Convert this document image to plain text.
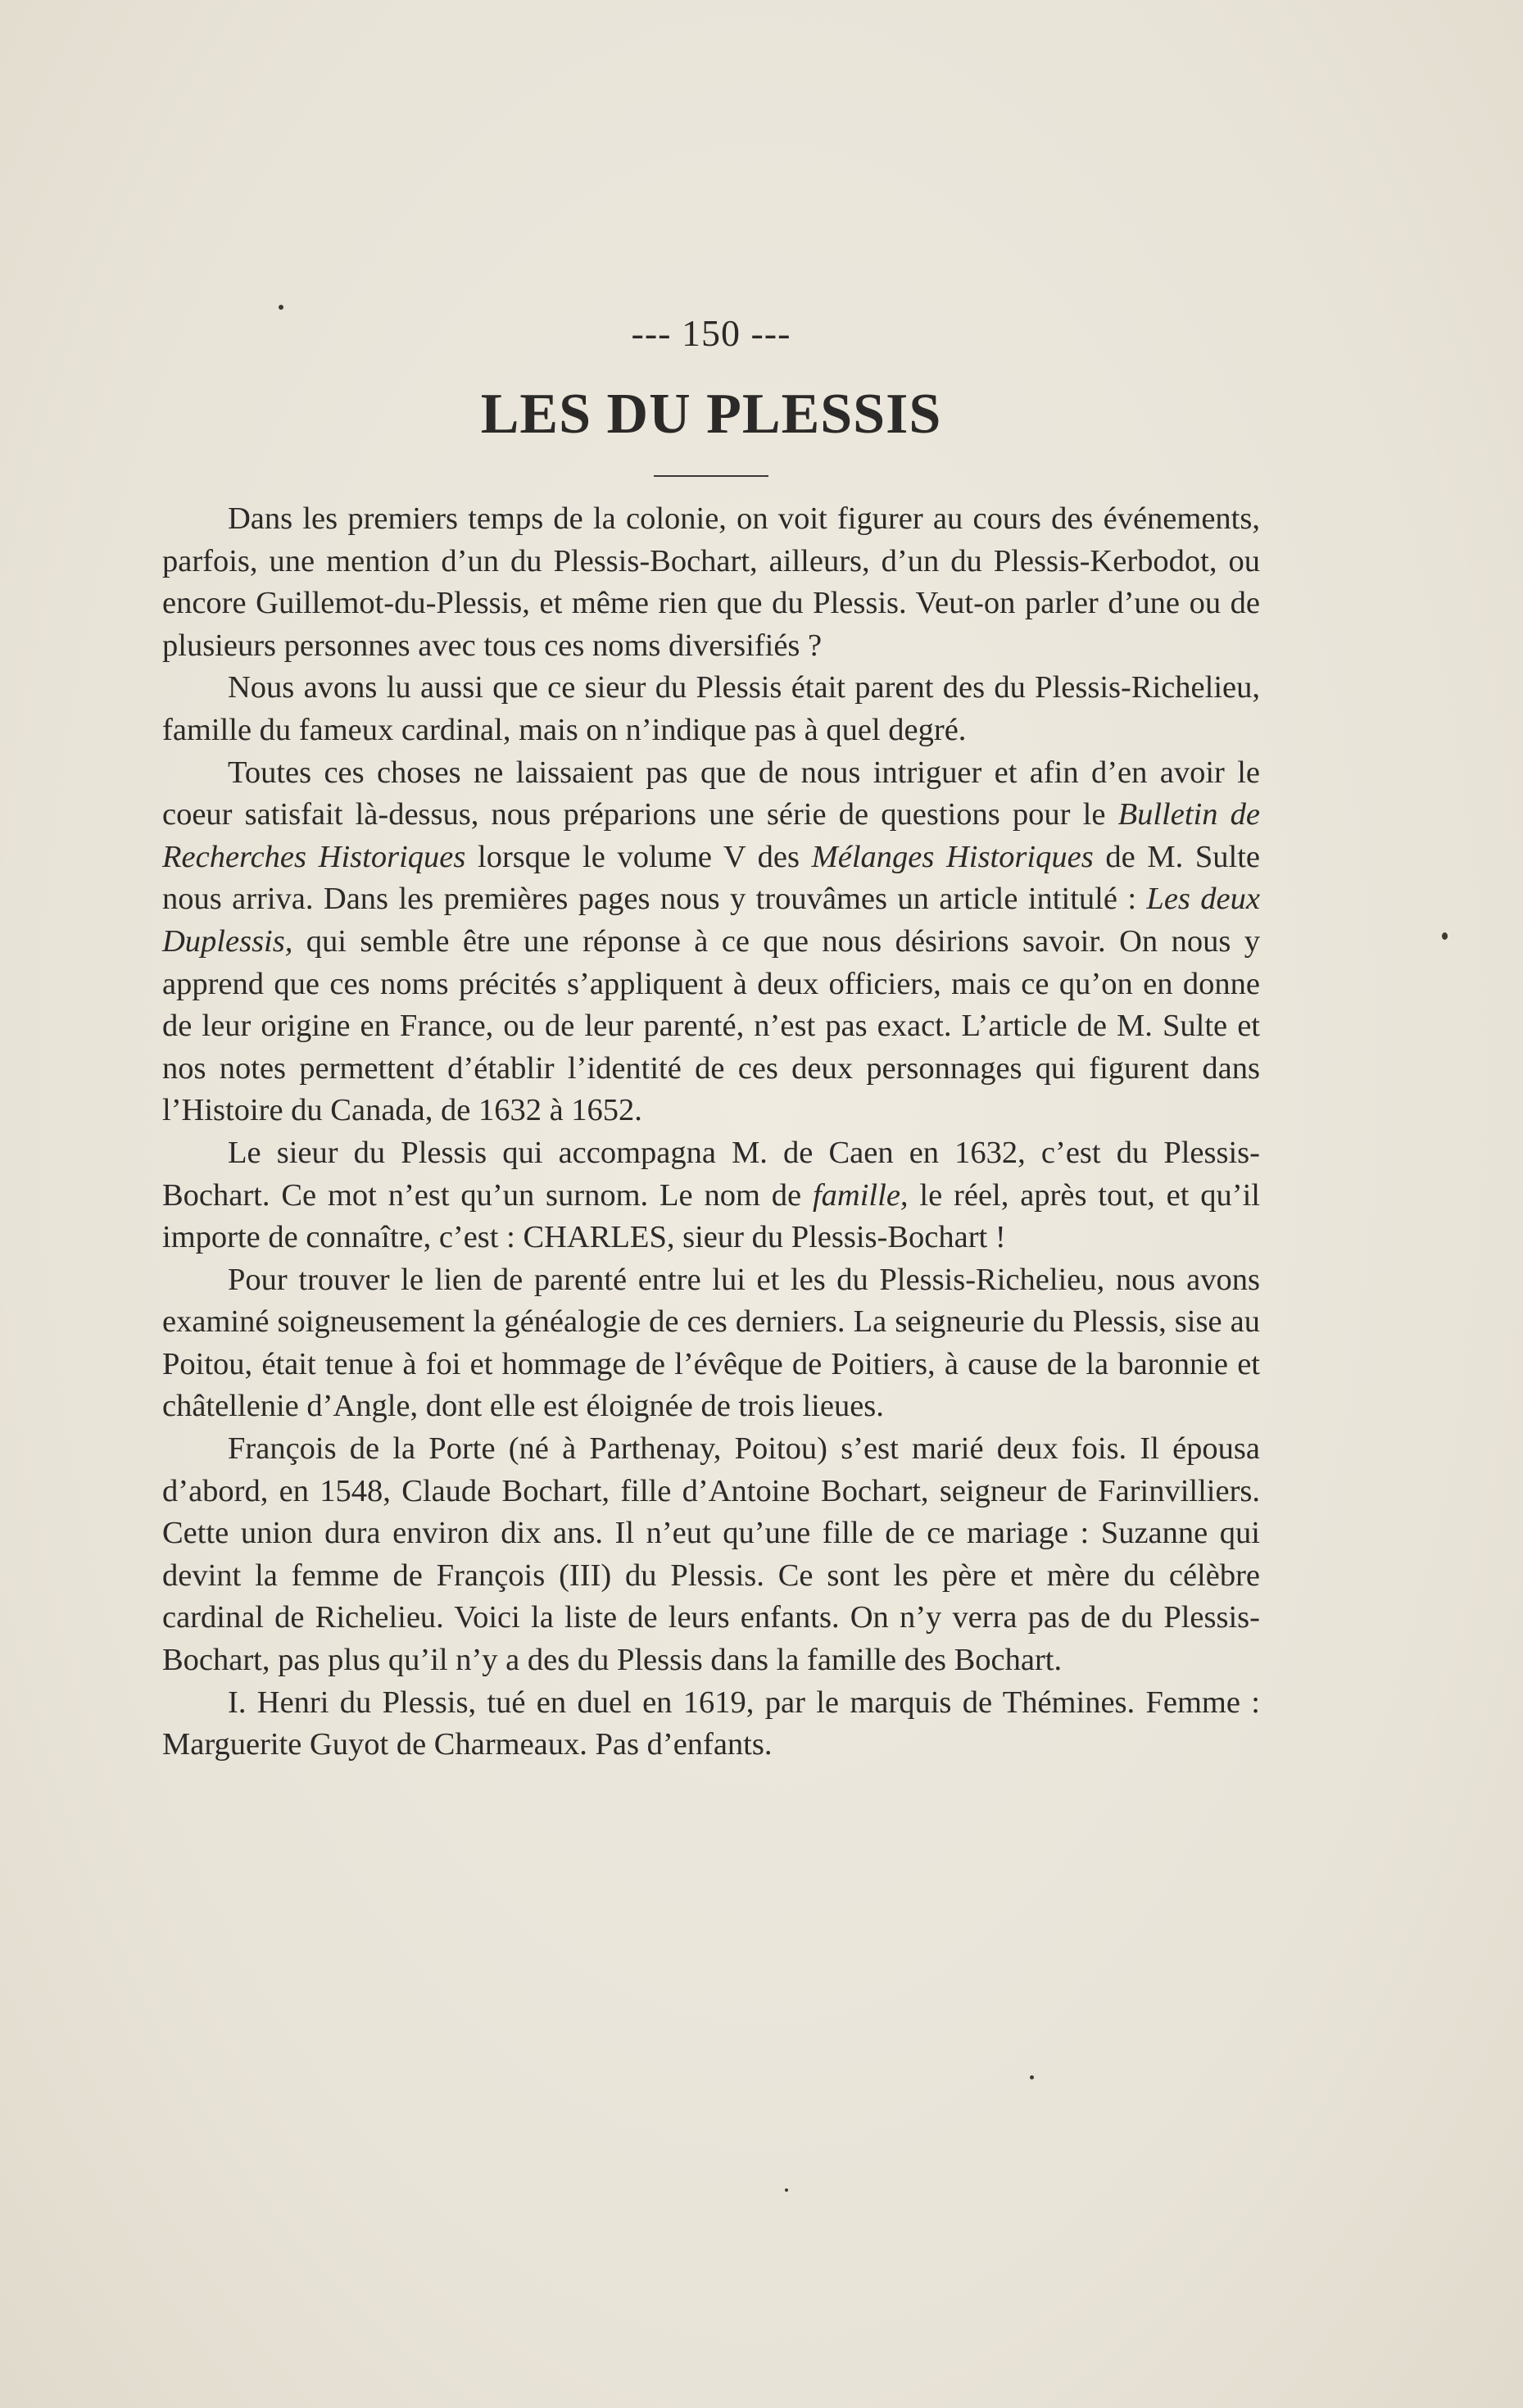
--- 150 ---
LES DU PLESSIS

Dans les premiers temps de la colonie, on voit figurer au cours des événements, parfois, une mention d’un du Plessis-Bochart, ailleurs, d’un du Plessis-Kerbodot, ou encore Guillemot-du-Plessis, et même rien que du Plessis. Veut-on parler d’une ou de plusieurs personnes avec tous ces noms diversifiés ?

Nous avons lu aussi que ce sieur du Plessis était parent des du Plessis-Richelieu, famille du fameux cardinal, mais on n’indique pas à quel degré.

Toutes ces choses ne laissaient pas que de nous intriguer et afin d’en avoir le coeur satisfait là-dessus, nous préparions une série de questions pour le Bulletin de Recherches Historiques lorsque le volume V des Mélanges Historiques de M. Sulte nous arriva. Dans les premières pages nous y trouvâmes un article intitulé : Les deux Duplessis, qui semble être une réponse à ce que nous désirions savoir. On nous y apprend que ces noms précités s’appliquent à deux officiers, mais ce qu’on en donne de leur origine en France, ou de leur parenté, n’est pas exact. L’article de M. Sulte et nos notes permettent d’établir l’identité de ces deux personnages qui figurent dans l’Histoire du Canada, de 1632 à 1652.

Le sieur du Plessis qui accompagna M. de Caen en 1632, c’est du Plessis-Bochart. Ce mot n’est qu’un surnom. Le nom de famille, le réel, après tout, et qu’il importe de connaître, c’est : CHARLES, sieur du Plessis-Bochart !

Pour trouver le lien de parenté entre lui et les du Plessis-Richelieu, nous avons examiné soigneusement la généalogie de ces derniers. La seigneurie du Plessis, sise au Poitou, était tenue à foi et hommage de l’évêque de Poitiers, à cause de la baronnie et châtellenie d’Angle, dont elle est éloignée de trois lieues.

François de la Porte (né à Parthenay, Poitou) s’est marié deux fois. Il épousa d’abord, en 1548, Claude Bochart, fille d’Antoine Bochart, seigneur de Farinvilliers. Cette union dura environ dix ans. Il n’eut qu’une fille de ce mariage : Suzanne qui devint la femme de François (III) du Plessis. Ce sont les père et mère du célèbre cardinal de Richelieu. Voici la liste de leurs enfants. On n’y verra pas de du Plessis-Bochart, pas plus qu’il n’y a des du Plessis dans la famille des Bochart.

I. Henri du Plessis, tué en duel en 1619, par le marquis de Thémines. Femme : Marguerite Guyot de Charmeaux. Pas d’enfants.
